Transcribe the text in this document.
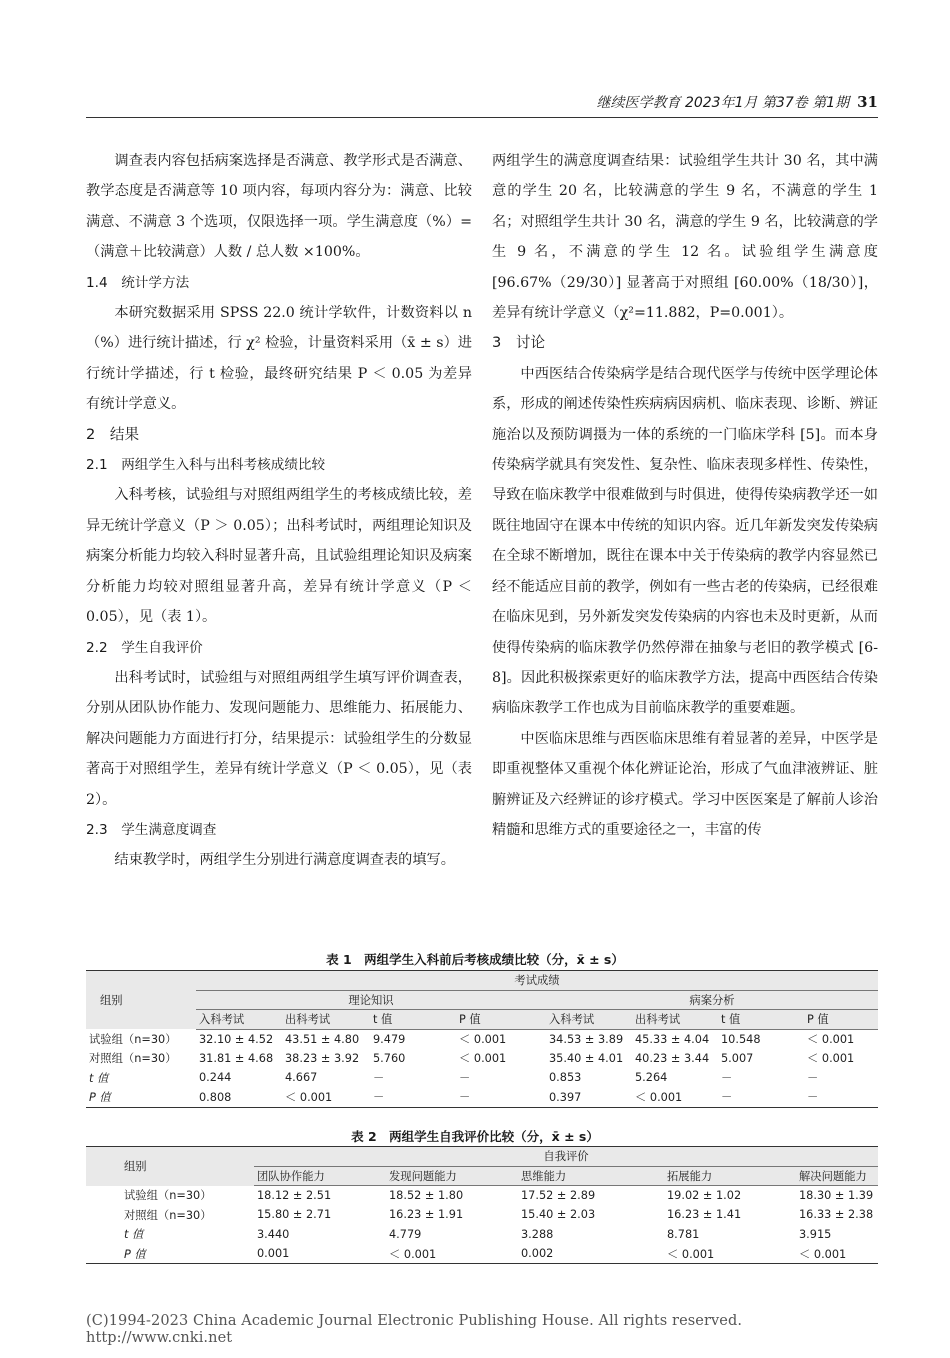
继续医学教育 2023年1月 第37卷 第1期 31

调查表内容包括病案选择是否满意、教学形式是否满意、教学态度是否满意等 10 项内容，每项内容分为：满意、比较满意、不满意 3 个选项，仅限选择一项。学生满意度（%）=（满意＋比较满意）人数 / 总人数 ×100%。

1.4　统计学方法

本研究数据采用 SPSS 22.0 统计学软件，计数资料以 n（%）进行统计描述，行 χ² 检验，计量资料采用（x̄ ± s）进行统计学描述，行 t 检验，最终研究结果 P ＜ 0.05 为差异有统计学意义。

2　结果

2.1　两组学生入科与出科考核成绩比较

入科考核，试验组与对照组两组学生的考核成绩比较，差异无统计学意义（P ＞ 0.05）；出科考试时，两组理论知识及病案分析能力均较入科时显著升高，且试验组理论知识及病案分析能力均较对照组显著升高，差异有统计学意义（P ＜ 0.05），见（表 1）。

2.2　学生自我评价

出科考试时，试验组与对照组两组学生填写评价调查表，分别从团队协作能力、发现问题能力、思维能力、拓展能力、解决问题能力方面进行打分，结果提示：试验组学生的分数显著高于对照组学生，差异有统计学意义（P ＜ 0.05），见（表 2）。

2.3　学生满意度调查

结束教学时，两组学生分别进行满意度调查表的填写。

两组学生的满意度调查结果：试验组学生共计 30 名，其中满意的学生 20 名，比较满意的学生 9 名，不满意的学生 1 名；对照组学生共计 30 名，满意的学生 9 名，比较满意的学生 9 名，不满意的学生 12 名。试验组学生满意度 [96.67%（29/30）] 显著高于对照组 [60.00%（18/30）]，差异有统计学意义（χ²=11.882，P=0.001）。

3　讨论

中西医结合传染病学是结合现代医学与传统中医学理论体系，形成的阐述传染性疾病病因病机、临床表现、诊断、辨证施治以及预防调摄为一体的系统的一门临床学科 [5]。而本身传染病学就具有突发性、复杂性、临床表现多样性、传染性，导致在临床教学中很难做到与时俱进，使得传染病教学还一如既往地固守在课本中传统的知识内容。近几年新发突发传染病在全球不断增加，既往在课本中关于传染病的教学内容显然已经不能适应目前的教学，例如有一些古老的传染病，已经很难在临床见到，另外新发突发传染病的内容也未及时更新，从而使得传染病的临床教学仍然停滞在抽象与老旧的教学模式 [6-8]。因此积极探索更好的临床教学方法，提高中西医结合传染病临床教学工作也成为目前临床教学的重要难题。

中医临床思维与西医临床思维有着显著的差异，中医学是即重视整体又重视个体化辨证论治，形成了气血津液辨证、脏腑辨证及六经辨证的诊疗模式。学习中医医案是了解前人诊治精髓和思维方式的重要途径之一，丰富的传

表 1　两组学生入科前后考核成绩比较（分，x̄ ± s）
组别	考试成绩							
	理论知识				病案分析			
	入科考试	出科考试	t 值	P 值	入科考试	出科考试	t 值	P 值
试验组（n=30）	32.10 ± 4.52	43.51 ± 4.80	9.479	＜ 0.001	34.53 ± 3.89	45.33 ± 4.04	10.548	＜ 0.001
对照组（n=30）	31.81 ± 4.68	38.23 ± 3.92	5.760	＜ 0.001	35.40 ± 4.01	40.23 ± 3.44	5.007	＜ 0.001
t 值	0.244	4.667	－	－	0.853	5.264	－	－
P 值	0.808	＜ 0.001	－	－	0.397	＜ 0.001	－	－
表 2　两组学生自我评价比较（分，x̄ ± s）
组别	自我评价				
	团队协作能力	发现问题能力	思维能力	拓展能力	解决问题能力
试验组（n=30）	18.12 ± 2.51	18.52 ± 1.80	17.52 ± 2.89	19.02 ± 1.02	18.30 ± 1.39
对照组（n=30）	15.80 ± 2.71	16.23 ± 1.91	15.40 ± 2.03	16.23 ± 1.41	16.33 ± 2.38
t 值	3.440	4.779	3.288	8.781	3.915
P 值	0.001	＜ 0.001	0.002	＜ 0.001	＜ 0.001
(C)1994-2023 China Academic Journal Electronic Publishing House. All rights reserved.　　http://www.cnki.net
